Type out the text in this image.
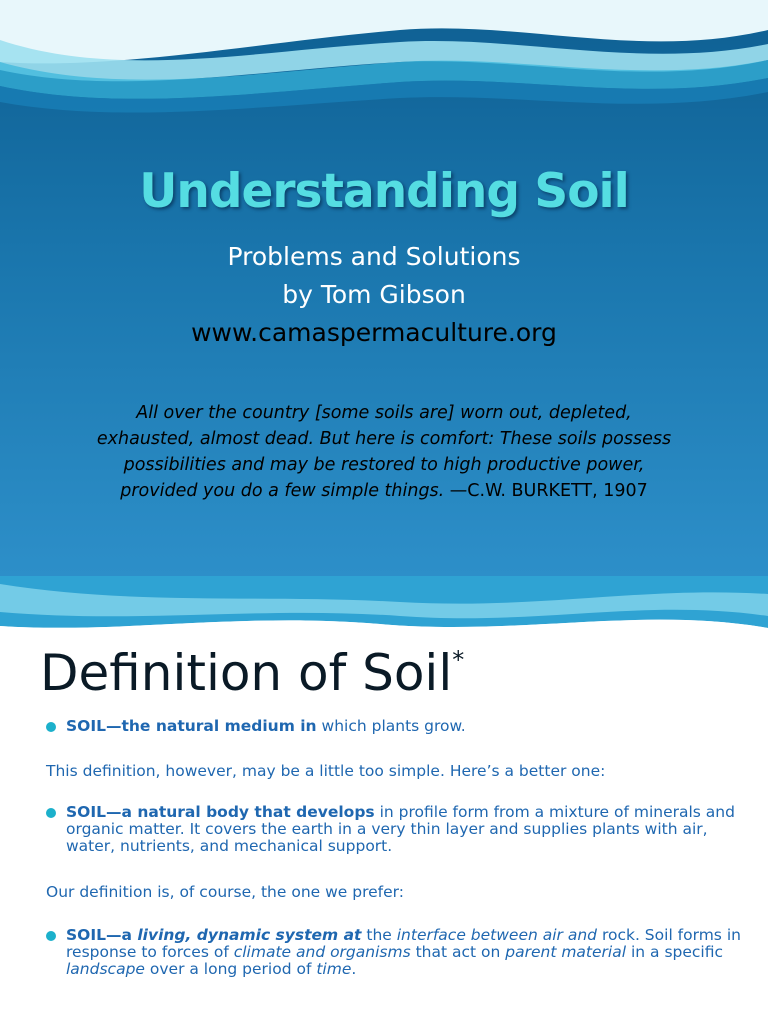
Understanding Soil
Problems and Solutions
by Tom Gibson
www.camaspermaculture.org
All over the country [some soils are] worn out, depleted, exhausted, almost dead. But here is comfort: These soils possess possibilities and may be restored to high productive power, provided you do a few simple things. —C.W. BURKETT, 1907
Definition of Soil*
SOIL—the natural medium in which plants grow.
This definition, however, may be a little too simple. Here’s a better one:
SOIL—a natural body that develops in profile form from a mixture of minerals and organic matter. It covers the earth in a very thin layer and supplies plants with air, water, nutrients, and mechanical support.
Our definition is, of course, the one we prefer:
SOIL—a living, dynamic system at the interface between air and rock. Soil forms in response to forces of climate and organisms that act on parent material in a specific landscape over a long period of time.
